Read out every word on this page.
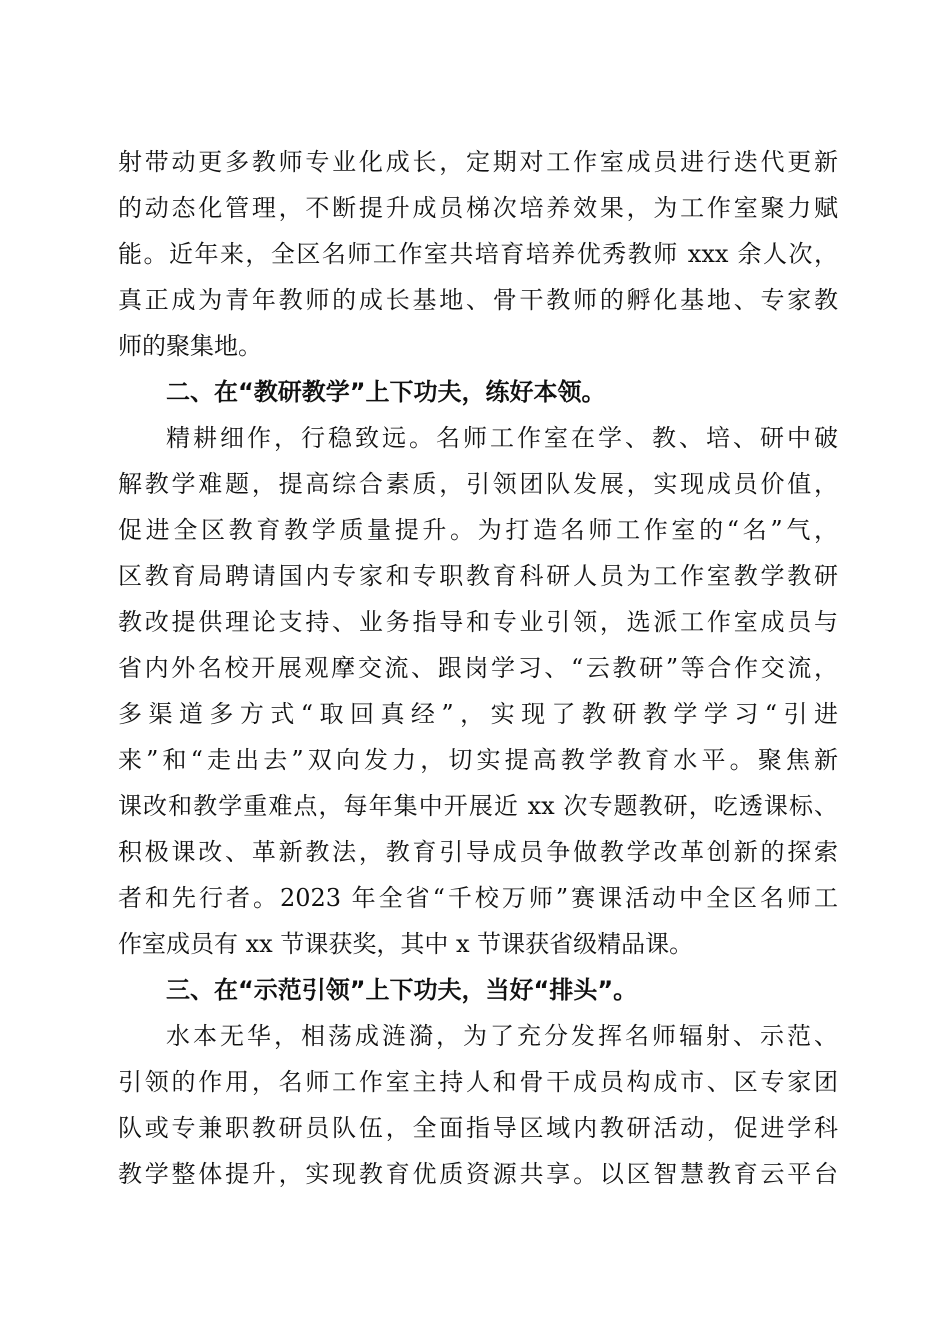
射带动更多教师专业化成长，定期对工作室成员进行迭代更新
的动态化管理，不断提升成员梯次培养效果，为工作室聚力赋
能。近年来，全区名师工作室共培育培养优秀教师 xxx 余人次，
真正成为青年教师的成长基地、骨干教师的孵化基地、专家教
师的聚集地。
二、在“教研教学”上下功夫，练好本领。
精耕细作，行稳致远。名师工作室在学、教、培、研中破
解教学难题，提高综合素质，引领团队发展，实现成员价值，
促进全区教育教学质量提升。为打造名师工作室的“名”气，
区教育局聘请国内专家和专职教育科研人员为工作室教学教研
教改提供理论支持、业务指导和专业引领，选派工作室成员与
省内外名校开展观摩交流、跟岗学习、“云教研”等合作交流，
多渠道多方式“取回真经”，实现了教研教学学习“引进
来”和“走出去”双向发力，切实提高教学教育水平。聚焦新
课改和教学重难点，每年集中开展近 xx 次专题教研，吃透课标、
积极课改、革新教法，教育引导成员争做教学改革创新的探索
者和先行者。2023 年全省“千校万师”赛课活动中全区名师工
作室成员有 xx 节课获奖，其中 x 节课获省级精品课。
三、在“示范引领”上下功夫，当好“排头”。
水本无华，相荡成涟漪，为了充分发挥名师辐射、示范、
引领的作用，名师工作室主持人和骨干成员构成市、区专家团
队或专兼职教研员队伍，全面指导区域内教研活动，促进学科
教学整体提升，实现教育优质资源共享。以区智慧教育云平台
